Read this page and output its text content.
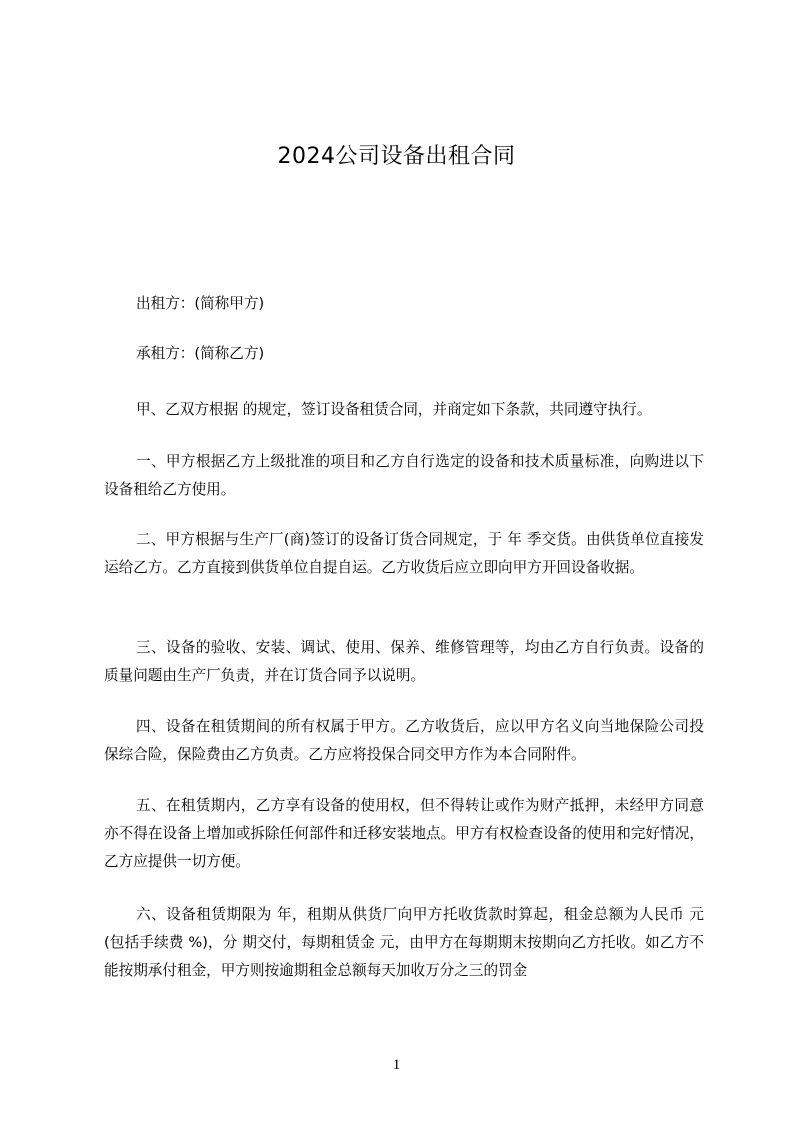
2024公司设备出租合同
出租方：(简称甲方)
承租方：(简称乙方)
甲、乙双方根据 的规定，签订设备租赁合同，并商定如下条款，共同遵守执行。
一、甲方根据乙方上级批准的项目和乙方自行选定的设备和技术质量标准，向购进以下设备租给乙方使用。
二、甲方根据与生产厂(商)签订的设备订货合同规定，于 年 季交货。由供货单位直接发运给乙方。乙方直接到供货单位自提自运。乙方收货后应立即向甲方开回设备收据。
三、设备的验收、安装、调试、使用、保养、维修管理等，均由乙方自行负责。设备的质量问题由生产厂负责，并在订货合同予以说明。
四、设备在租赁期间的所有权属于甲方。乙方收货后，应以甲方名义向当地保险公司投保综合险，保险费由乙方负责。乙方应将投保合同交甲方作为本合同附件。
五、在租赁期内，乙方享有设备的使用权，但不得转让或作为财产抵押，未经甲方同意亦不得在设备上增加或拆除任何部件和迁移安装地点。甲方有权检查设备的使用和完好情况，乙方应提供一切方便。
六、设备租赁期限为 年，租期从供货厂向甲方托收货款时算起，租金总额为人民币 元(包括手续费 %)，分 期交付，每期租赁金 元，由甲方在每期期末按期向乙方托收。如乙方不能按期承付租金，甲方则按逾期租金总额每天加收万分之三的罚金
1
